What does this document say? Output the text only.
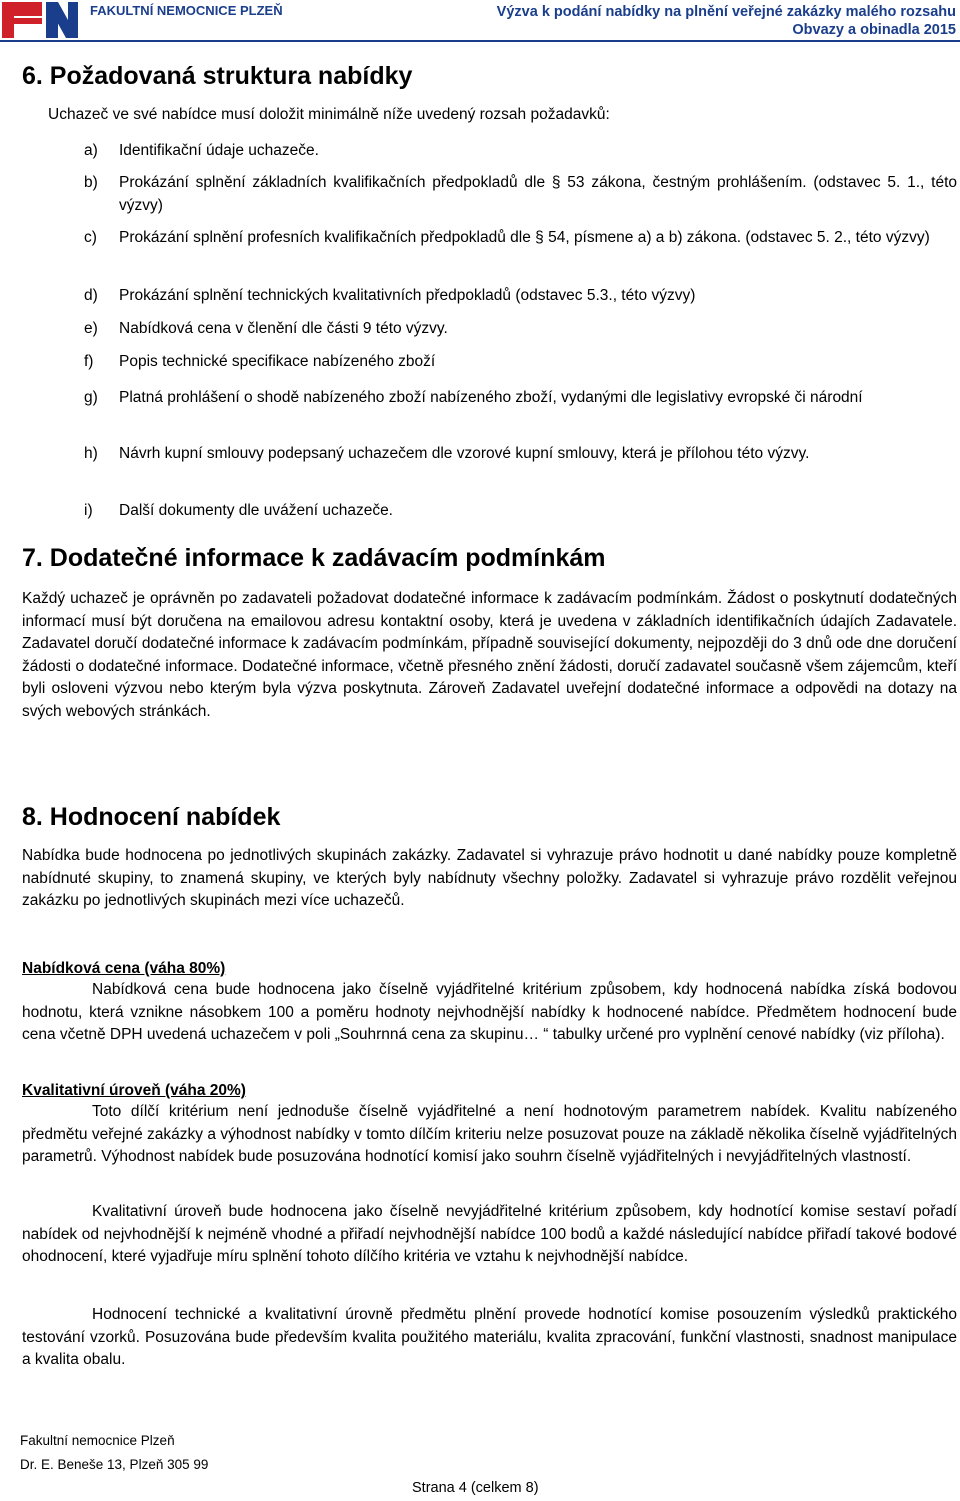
FAKULTNÍ NEMOCNICE PLZEŇ	Výzva k podání nabídky na plnění veřejné zakázky malého rozsahu
Obvazy a obinadla 2015
6. Požadovaná struktura nabídky
Uchazeč ve své nabídce musí doložit minimálně níže uvedený rozsah požadavků:
a) Identifikační údaje uchazeče.
b) Prokázání splnění základních kvalifikačních předpokladů dle § 53 zákona, čestným prohlášením. (odstavec 5. 1., této výzvy)
c) Prokázání splnění profesních kvalifikačních předpokladů dle § 54, písmene a) a b) zákona. (odstavec 5. 2., této výzvy)
d) Prokázání splnění technických kvalitativních předpokladů (odstavec 5.3., této výzvy)
e) Nabídková cena v členění dle části 9 této výzvy.
f) Popis technické specifikace nabízeného zboží
g) Platná prohlášení o shodě nabízeného zboží nabízeného zboží, vydanými dle legislativy evropské či národní
h) Návrh kupní smlouvy podepsaný uchazečem dle vzorové kupní smlouvy, která je přílohou této výzvy.
i) Další dokumenty dle uvážení uchazeče.
7. Dodatečné informace k zadávacím podmínkám
Každý uchazeč je oprávněn po zadavateli požadovat dodatečné informace k zadávacím podmínkám. Žádost o poskytnutí dodatečných informací musí být doručena na emailovou adresu kontaktní osoby, která je uvedena v základních identifikačních údajích Zadavatele. Zadavatel doručí dodatečné informace k zadávacím podmínkám, případně související dokumenty, nejpozději do 3 dnů ode dne doručení žádosti o dodatečné informace. Dodatečné informace, včetně přesného znění žádosti, doručí zadavatel současně všem zájemcům, kteří byli osloveni výzvou nebo kterým byla výzva poskytnuta. Zároveň Zadavatel uveřejní dodatečné informace a odpovědi na dotazy na svých webových stránkách.
8. Hodnocení nabídek
Nabídka bude hodnocena po jednotlivých skupinách zakázky. Zadavatel si vyhrazuje právo hodnotit u dané nabídky pouze kompletně nabídnuté skupiny, to znamená skupiny, ve kterých byly nabídnuty všechny položky. Zadavatel si vyhrazuje právo rozdělit veřejnou zakázku po jednotlivých skupinách mezi více uchazečů.
Nabídková cena (váha 80%)
Nabídková cena bude hodnocena jako číselně vyjádřitelné kritérium způsobem, kdy hodnocená nabídka získá bodovou hodnotu, která vznikne násobkem 100 a poměru hodnoty nejvhodnější nabídky k hodnocené nabídce. Předmětem hodnocení bude cena včetně DPH uvedená uchazečem v poli „Souhrnná cena za skupinu… “ tabulky určené pro vyplnění cenové nabídky (viz příloha).
Kvalitativní úroveň (váha 20%)
Toto dílčí kritérium není jednoduše číselně vyjádřitelné a není hodnotovým parametrem nabídek. Kvalitu nabízeného předmětu veřejné zakázky a výhodnost nabídky v tomto dílčím kriteriu nelze posuzovat pouze na základě několika číselně vyjádřitelných parametrů. Výhodnost nabídek bude posuzována hodnotící komisí jako souhrn číselně vyjádřitelných i nevyjádřitelných vlastností.
Kvalitativní úroveň bude hodnocena jako číselně nevyjádřitelné kritérium způsobem, kdy hodnotící komise sestaví pořadí nabídek od nejvhodnější k nejméně vhodné a přiřadí nejvhodnější nabídce 100 bodů a každé následující nabídce přiřadí takové bodové ohodnocení, které vyjadřuje míru splnění tohoto dílčího kritéria ve vztahu k nejvhodnější nabídce.
Hodnocení technické a kvalitativní úrovně předmětu plnění provede hodnotící komise posouzením výsledků praktického testování vzorků. Posuzována bude především kvalita použitého materiálu, kvalita zpracování, funkční vlastnosti, snadnost manipulace a kvalita obalu.
Fakultní nemocnice Plzeň
Dr. E. Beneše 13, Plzeň 305 99
Strana 4 (celkem 8)
